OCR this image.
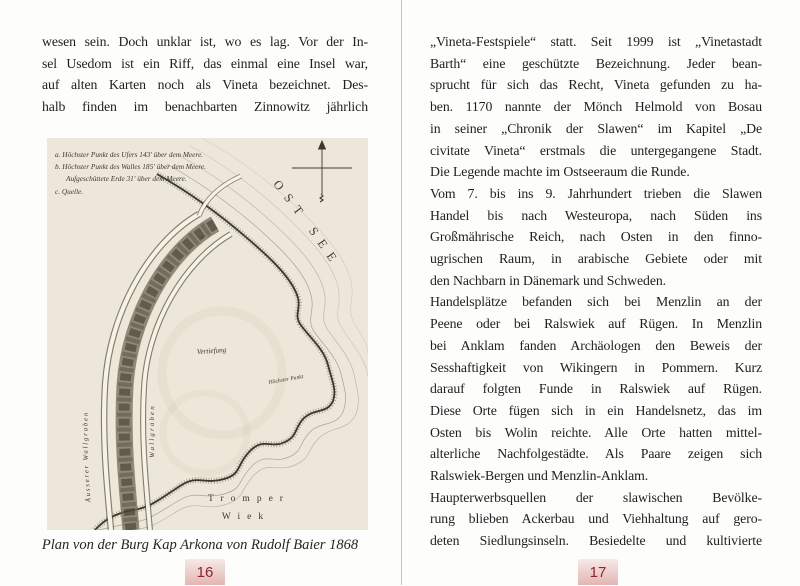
wesen sein. Doch unklar ist, wo es lag. Vor der In-
sel Usedom ist ein Riff, das einmal eine Insel war,
auf alten Karten noch als Vineta bezeichnet. Des-
halb finden im benachbarten Zinnowitz jährlich
Äusserer Wallgraben
Wallgraben
OST SEE
a. Höchster Punkt des Ufers 143' über dem Meere.
b. Höchster Punkt des Walles 185' über dem Meere.
Aufgeschüttete Erde 31' über dem Meere.
c. Quelle.
c
Vertiefung
Höchster Punkt
Tromper
Wiek
Plan von der Burg Kap Arkona von Rudolf Baier 1868
16
„Vineta-Festspiele“ statt. Seit 1999 ist „Vinetastadt
Barth“ eine geschützte Bezeichnung. Jeder bean-
sprucht für sich das Recht, Vineta gefunden zu ha-
ben. 1170 nannte der Mönch Helmold von Bosau
in seiner „Chronik der Slawen“ im Kapitel „De
civitate Vineta“ erstmals die untergegangene Stadt.
Die Legende machte im Ostseeraum die Runde.
Vom 7. bis ins 9. Jahrhundert trieben die Slawen
Handel bis nach Westeuropa, nach Süden ins
Großmährische Reich, nach Osten in den finno-
ugrischen Raum, in arabische Gebiete oder mit
den Nachbarn in Dänemark und Schweden.
Handelsplätze befanden sich bei Menzlin an der
Peene oder bei Ralswiek auf Rügen. In Menzlin
bei Anklam fanden Archäologen den Beweis der
Sesshaftigkeit von Wikingern in Pommern. Kurz
darauf folgten Funde in Ralswiek auf Rügen.
Diese Orte fügen sich in ein Handelsnetz, das im
Osten bis Wolin reichte. Alle Orte hatten mittel-
alterliche Nachfolgestädte. Als Paare zeigen sich
Ralswiek-Bergen und Menzlin-Anklam.
Haupterwerbsquellen der slawischen Bevölke-
rung blieben Ackerbau und Viehhaltung auf gero-
deten Siedlungsinseln. Besiedelte und kultivierte
17
